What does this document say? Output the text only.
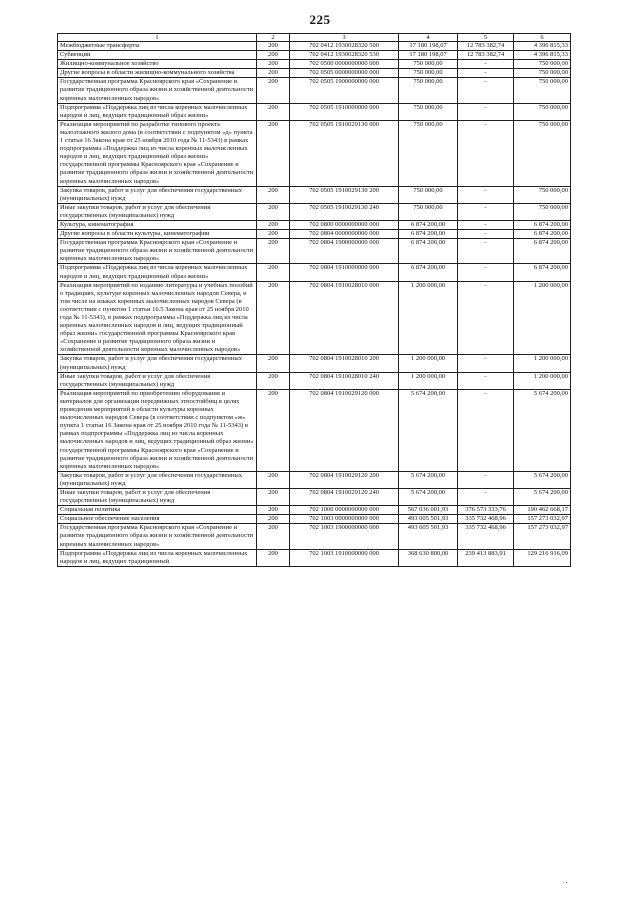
225
1	2	3	4	5	6
Межбюджетные трансферты	200	702 0412 1930028320 500	17 180 198,07	12 783 382,74	4 396 815,33
Субвенции	200	702 0412 1930028320 530	17 180 198,07	12 783 382,74	4 396 815,33
Жилищно-коммунальное хозяйство	200	702 0500 0000000000 000	750 000,00	-	750 000,00
Другие вопросы в области жилищно-коммунального хозяйства	200	702 0505 0000000000 000	750 000,00	-	750 000,00
Государственная программа Красноярского края «Сохранение и развитие традиционного образа жизни и хозяйственной деятельности коренных малочисленных народов»	200	702 0505 1900000000 000	750 000,00	-	750 000,00
Подпрограмма «Поддержка лиц из числа коренных малочисленных народов и лиц, ведущих традиционный образ жизни»	200	702 0505 1910000000 000	750 000,00	-	750 000,00
Реализация мероприятий по разработке типового проекта малоэтажного жилого дома (в соответствии с подпунктом «д» пункта 1 статьи 16 Закона края от 25 ноября 2010 года № 11-5343) в рамках подпрограммы «Поддержка лиц из числа коренных малочисленных народов и лиц, ведущих традиционный образ жизни» государственной программы Красноярского края «Сохранение и развитие традиционного образа жизни и хозяйственной деятельности коренных малочисленных народов»	200	702 0505 1910029130 000	750 000,00	-	750 000,00
Закупка товаров, работ и услуг для обеспечения государственных (муниципальных) нужд	200	702 0505 1910029130 200	750 000,00	-	750 000,00
Иные закупки товаров, работ и услуг для обеспечения государственных (муниципальных) нужд	200	702 0505 1910029130 240	750 000,00	-	750 000,00
Культура, кинематография	200	702 0800 0000000000 000	6 874 200,00	-	6 874 200,00
Другие вопросы в области культуры, кинематографии	200	702 0804 0000000000 000	6 874 200,00	-	6 874 200,00
Государственная программа Красноярского края «Сохранение и развитие традиционного образа жизни и хозяйственной деятельности коренных малочисленных народов»	200	702 0804 1900000000 000	6 874 200,00	-	6 874 200,00
Подпрограмма «Поддержка лиц из числа коренных малочисленных народов и лиц, ведущих традиционный образ жизни»	200	702 0804 1910000000 000	6 874 200,00	-	6 874 200,00
Реализация мероприятий по изданию литературы и учебных пособий о традициях, культуре коренных малочисленных народов Севера, в том числе на языках коренных малочисленных народов Севера (в соответствии с пунктом 1 статьи 16.5 Закона края от 25 ноября 2010 года № 11-5343), в рамках подпрограммы «Поддержка лиц из числа коренных малочисленных народов и лиц, ведущих традиционный образ жизни» государственной программы Красноярского края «Сохранение и развитие традиционного образа жизни и хозяйственной деятельности коренных малочисленных народов»	200	702 0804 1910028010 000	1 200 000,00	-	1 200 000,00
Закупка товаров, работ и услуг для обеспечения государственных (муниципальных) нужд	200	702 0804 1910028010 200	1 200 000,00	-	1 200 000,00
Иные закупки товаров, работ и услуг для обеспечения государственных (муниципальных) нужд	200	702 0804 1910028010 240	1 200 000,00	-	1 200 000,00
Реализация мероприятий по приобретению оборудования и материалов для организации передвижных этностойбищ в целях проведения мероприятий в области культуры коренных малочисленных народов Севера (в соответствии с подпунктом «ж» пункта 1 статьи 16 Закона края от 25 ноября 2010 года № 11-5343) в рамках подпрограммы «Поддержка лиц из числа коренных малочисленных народов и лиц, ведущих традиционный образ жизни» государственной программы Красноярского края «Сохранение и развитие традиционного образа жизни и хозяйственной деятельности коренных малочисленных народов»	200	702 0804 1910029120 000	5 674 200,00	-	5 674 200,00
Закупка товаров, работ и услуг для обеспечения государственных (муниципальных) нужд	200	702 0804 1910029120 200	5 674 200,00	-	5 674 200,00
Иные закупки товаров, работ и услуг для обеспечения государственных (муниципальных) нужд	200	702 0804 1910029120 240	5 674 200,00	-	5 674 200,00
Социальная политика	200	702 1000 0000000000 000	567 036 001,93	376 573 333,76	190 462 668,17
Социальное обеспечение населения	200	702 1003 0000000000 000	493 005 501,93	335 732 468,96	157 273 032,97
Государственная программа Красноярского края «Сохранение и развитие традиционного образа жизни и хозяйственной деятельности коренных малочисленных народов»	200	702 1003 1900000000 000	493 005 501,93	335 732 468,96	157 273 032,97
Подпрограмма «Поддержка лиц из числа коренных малочисленных народов и лиц, ведущих традиционный	200	702 1003 1910000000 000	368 630 800,00	239 413 883,91	129 216 916,09
